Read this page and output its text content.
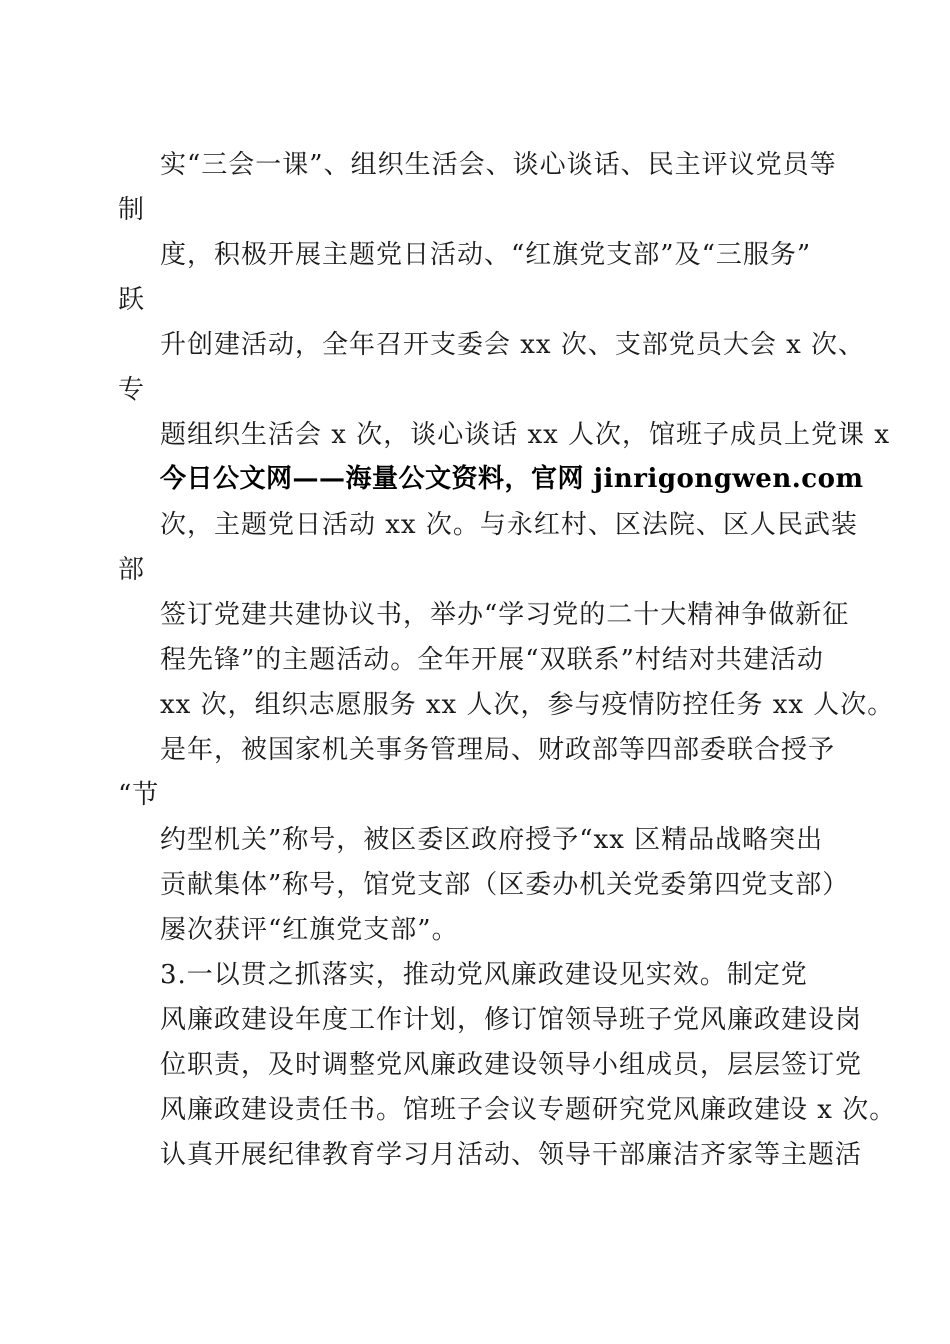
实“三会一课”、组织生活会、谈心谈话、民主评议党员等
制
度，积极开展主题党日活动、“红旗党支部”及“三服务”
跃
升创建活动，全年召开支委会 xx 次、支部党员大会 x 次、
专
题组织生活会 x 次，谈心谈话 xx 人次，馆班子成员上党课 x
今日公文网——海量公文资料，官网 jinrigongwen.com
次，主题党日活动 xx 次。与永红村、区法院、区人民武装
部
签订党建共建协议书，举办“学习党的二十大精神争做新征
程先锋”的主题活动。全年开展“双联系”村结对共建活动
xx 次，组织志愿服务 xx 人次，参与疫情防控任务 xx 人次。
是年，被国家机关事务管理局、财政部等四部委联合授予
“节
约型机关”称号，被区委区政府授予“xx 区精品战略突出
贡献集体”称号，馆党支部（区委办机关党委第四党支部）
屡次获评“红旗党支部”。
3.一以贯之抓落实，推动党风廉政建设见实效。制定党
风廉政建设年度工作计划，修订馆领导班子党风廉政建设岗
位职责，及时调整党风廉政建设领导小组成员，层层签订党
风廉政建设责任书。馆班子会议专题研究党风廉政建设 x 次。
认真开展纪律教育学习月活动、领导干部廉洁齐家等主题活
